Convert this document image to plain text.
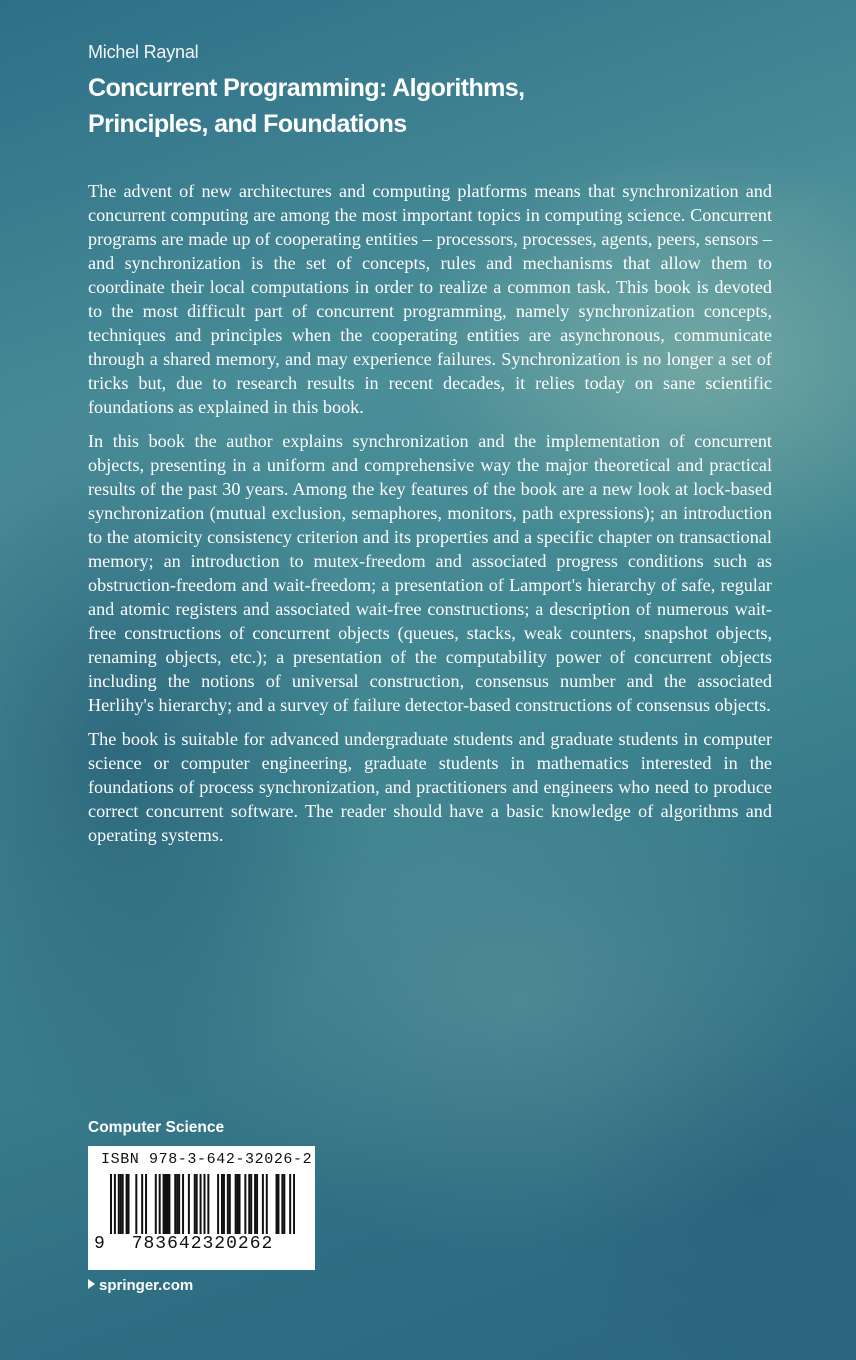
Michel Raynal
Concurrent Programming: Algorithms,
Principles, and Foundations

The advent of new architectures and computing platforms means that synchronization and concurrent computing are among the most important topics in computing science. Concurrent programs are made up of cooperating entities – processors, processes, agents, peers, sensors – and synchronization is the set of concepts, rules and mechanisms that allow them to coordinate their local computations in order to realize a common task. This book is devoted to the most difficult part of concurrent programming, namely synchronization concepts, techniques and principles when the cooperating entities are asynchronous, communicate through a shared memory, and may experience failures. Synchronization is no longer a set of tricks but, due to research results in recent decades, it relies today on sane scientific foundations as explained in this book.

In this book the author explains synchronization and the implementation of concurrent objects, presenting in a uniform and comprehensive way the major theoretical and practical results of the past 30 years. Among the key features of the book are a new look at lock-based synchronization (mutual exclusion, semaphores, monitors, path expressions); an introduction to the atomicity consistency criterion and its properties and a specific chapter on transactional memory; an introduction to mutex-freedom and associated progress conditions such as obstruction-freedom and wait-freedom; a presentation of Lamport's hierarchy of safe, regular and atomic registers and associated wait-free constructions; a description of numerous wait-free constructions of concurrent objects (queues, stacks, weak counters, snapshot objects, renaming objects, etc.); a presentation of the computability power of concurrent objects including the notions of universal construction, consensus number and the associated Herlihy's hierarchy; and a survey of failure detector-based constructions of consensus objects.

The book is suitable for advanced undergraduate students and graduate students in computer science or computer engineering, graduate students in mathematics interested in the foundations of process synchronization, and practitioners and engineers who need to produce correct concurrent software. The reader should have a basic knowledge of algorithms and operating systems.

Computer Science
ISBN 978-3-642-32026-2
9	783642320262
springer.com
